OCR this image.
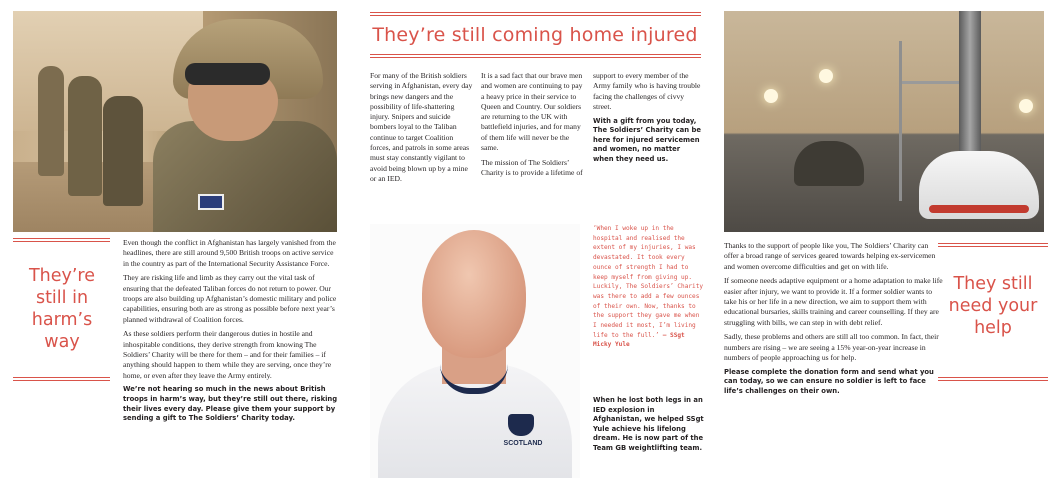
They’re still in harm’s way

Even though the conflict in Afghanistan has largely vanished from the headlines, there are still around 9,500 British troops on active service in the country as part of the International Security Assistance Force.

They are risking life and limb as they carry out the vital task of ensuring that the defeated Taliban forces do not return to power. Our troops are also building up Afghanistan’s domestic military and police capabilities, ensuring both are as strong as possible before next year’s planned withdrawal of Coalition forces.

As these soldiers perform their dangerous duties in hostile and inhospitable conditions, they derive strength from knowing The Soldiers’ Charity will be there for them – and for their families – if anything should happen to them while they are serving, once they’re home, or even after they leave the Army entirely.

We’re not hearing so much in the news about British troops in harm’s way, but they’re still out there, risking their lives every day. Please give them your support by sending a gift to The Soldiers’ Charity today.

They’re still coming home injured

For many of the British soldiers serving in Afghanistan, every day brings new dangers and the possibility of life-shattering injury. Snipers and suicide bombers loyal to the Taliban continue to target Coalition forces, and patrols in some areas must stay constantly vigilant to avoid being blown up by a mine or an IED.

It is a sad fact that our brave men and women are continuing to pay a heavy price in their service to Queen and Country. Our soldiers are returning to the UK with battlefield injuries, and for many of them life will never be the same.

The mission of The Soldiers’ Charity is to provide a lifetime of

support to every member of the Army family who is having trouble facing the challenges of civvy street.

With a gift from you today, The Soldiers’ Charity can be here for injured servicemen and women, no matter when they need us.

SCOTLAND
‘When I woke up in the hospital and realised the extent of my injuries, I was devastated. It took every ounce of strength I had to keep myself from giving up. Luckily, The Soldiers’ Charity was there to add a few ounces of their own. Now, thanks to the support they gave me when I needed it most, I’m living life to the full.’ — SSgt Micky Yule
When he lost both legs in an IED explosion in Afghanistan, we helped SSgt Yule achieve his lifelong dream. He is now part of the Team GB weightlifting team.

Thanks to the support of people like you, The Soldiers’ Charity can offer a broad range of services geared towards helping ex-servicemen and women overcome difficulties and get on with life.

If someone needs adaptive equipment or a home adaptation to make life easier after injury, we want to provide it. If a former soldier wants to take his or her life in a new direction, we aim to support them with educational bursaries, skills training and career counselling. If they are struggling with bills, we can step in with debt relief.

Sadly, these problems and others are still all too common. In fact, their numbers are rising – we are seeing a 15% year-on-year increase in numbers of people approaching us for help.

Please complete the donation form and send what you can today, so we can ensure no soldier is left to face life’s challenges on their own.

They still need your help
